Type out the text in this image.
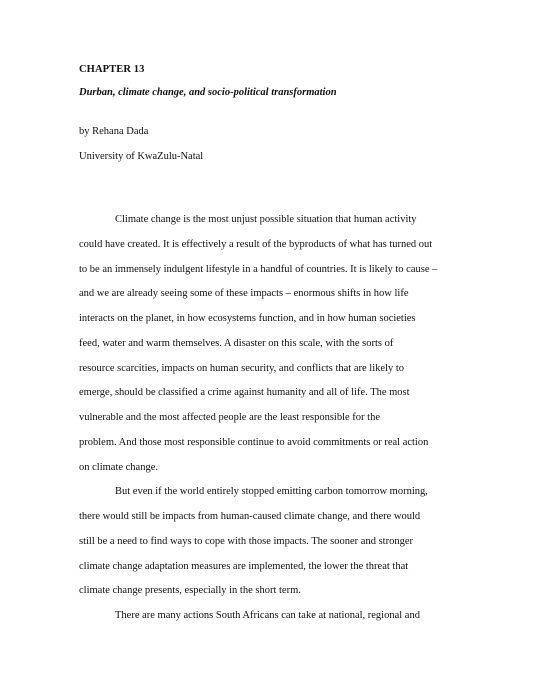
CHAPTER 13
Durban, climate change, and socio-political transformation
by Rehana Dada
University of KwaZulu-Natal
Climate change is the most unjust possible situation that human activity
could have created. It is effectively a result of the byproducts of what has turned out
to be an immensely indulgent lifestyle in a handful of countries. It is likely to cause –
and we are already seeing some of these impacts – enormous shifts in how life
interacts on the planet, in how ecosystems function, and in how human societies
feed, water and warm themselves. A disaster on this scale, with the sorts of
resource scarcities, impacts on human security, and conflicts that are likely to
emerge, should be classified a crime against humanity and all of life. The most
vulnerable and the most affected people are the least responsible for the
problem. And those most responsible continue to avoid commitments or real action
on climate change.
But even if the world entirely stopped emitting carbon tomorrow morning,
there would still be impacts from human-caused climate change, and there would
still be a need to find ways to cope with those impacts. The sooner and stronger
climate change adaptation measures are implemented, the lower the threat that
climate change presents, especially in the short term.
There are many actions South Africans can take at national, regional and
